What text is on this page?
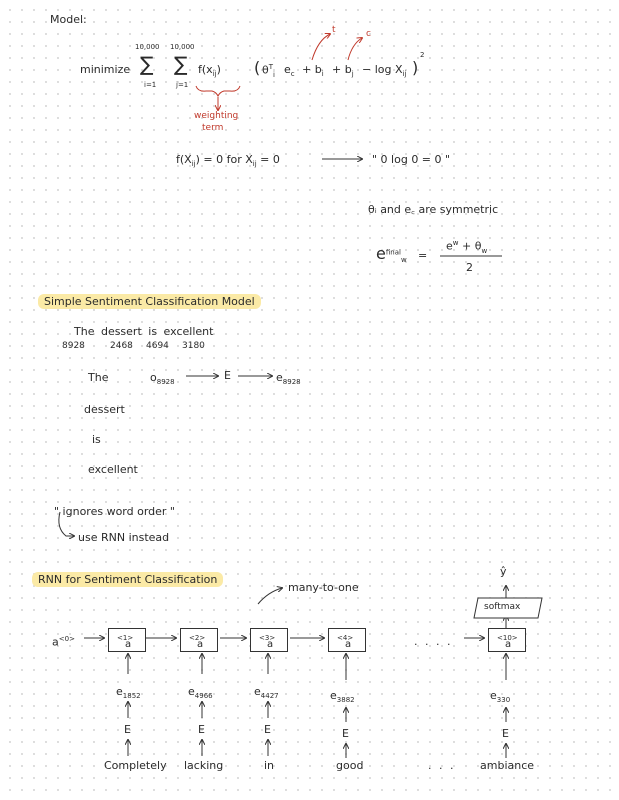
Model:
minimize
10,000
∑
i=1
10,000
∑
j=1
$f(x_{ij})$ ( $\theta^T_i$ $e_c + b_i + b_j - \log X_{ij}$ )
2
t	c
weighting
term
$f(X_{ij}) = 0$ for $X_{ij} = 0$	" 0 log 0 = 0 "
θᵢ and e꜀ are symmetric
$e^{final}_w$ =
$e^w + \theta_w$
2
Simple Sentiment Classification Model
The dessert is excellent
8928	2468 4694 3180
The	$o_{8928}$
E	$e_{8928}$
dessert
is
excellent
" ignores word order "
use RNN instead
RNN for Sentiment Classification
many-to-one
$a^{<0>}$	a
$^{<1>}$
a
$^{<2>}$
a
$^{<3>}$
a
$^{<4>}$
a
$^{<10>}$
. . . .
softmax
ŷ
$e_{1852}$	$e_{4966}$	$e_{4427}$	$e_{3882}$	$e_{330}$
E	E	E	E	E
Completely lacking	in	good	. . . ambiance
